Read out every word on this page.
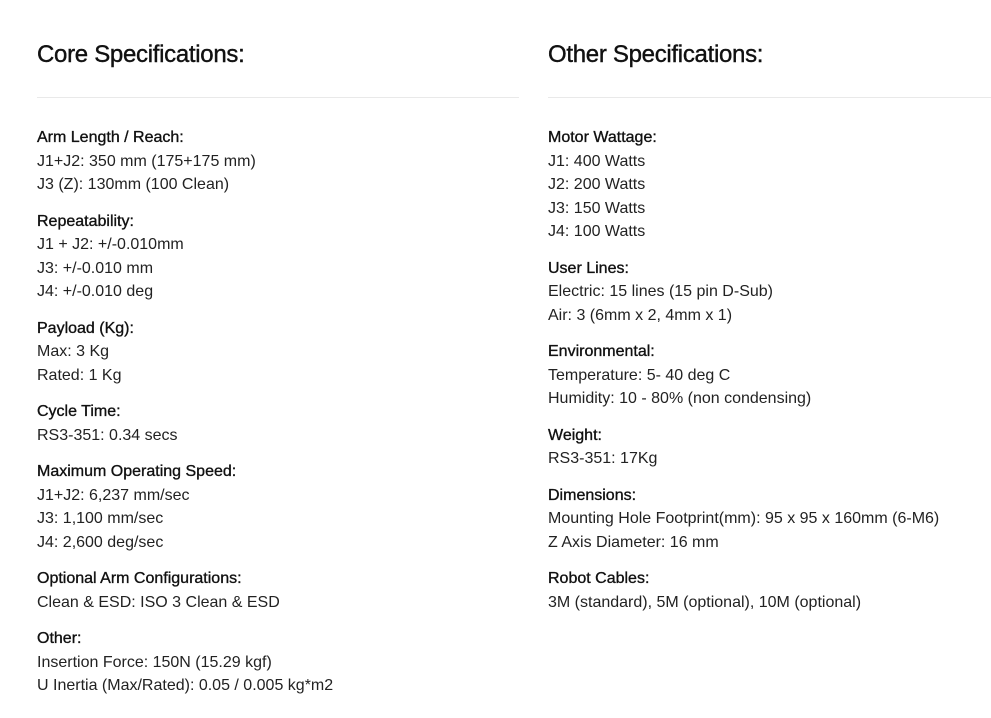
Core Specifications:
Arm Length / Reach:
J1+J2: 350 mm (175+175 mm)
J3 (Z): 130mm (100 Clean)
Repeatability:
J1 + J2: +/-0.010mm
J3: +/-0.010 mm
J4: +/-0.010 deg
Payload (Kg):
Max: 3 Kg
Rated: 1 Kg
Cycle Time:
RS3-351: 0.34 secs
Maximum Operating Speed:
J1+J2: 6,237 mm/sec
J3: 1,100 mm/sec
J4: 2,600 deg/sec
Optional Arm Configurations:
Clean & ESD: ISO 3 Clean & ESD
Other:
Insertion Force: 150N (15.29 kgf)
U Inertia (Max/Rated): 0.05 / 0.005 kg*m2
Other Specifications:
Motor Wattage:
J1: 400 Watts
J2: 200 Watts
J3: 150 Watts
J4: 100 Watts
User Lines:
Electric: 15 lines (15 pin D-Sub)
Air: 3 (6mm x 2, 4mm x 1)
Environmental:
Temperature: 5- 40 deg C
Humidity: 10 - 80% (non condensing)
Weight:
RS3-351: 17Kg
Dimensions:
Mounting Hole Footprint(mm): 95 x 95 x 160mm (6-M6)
Z Axis Diameter: 16 mm
Robot Cables:
3M (standard), 5M (optional), 10M (optional)
